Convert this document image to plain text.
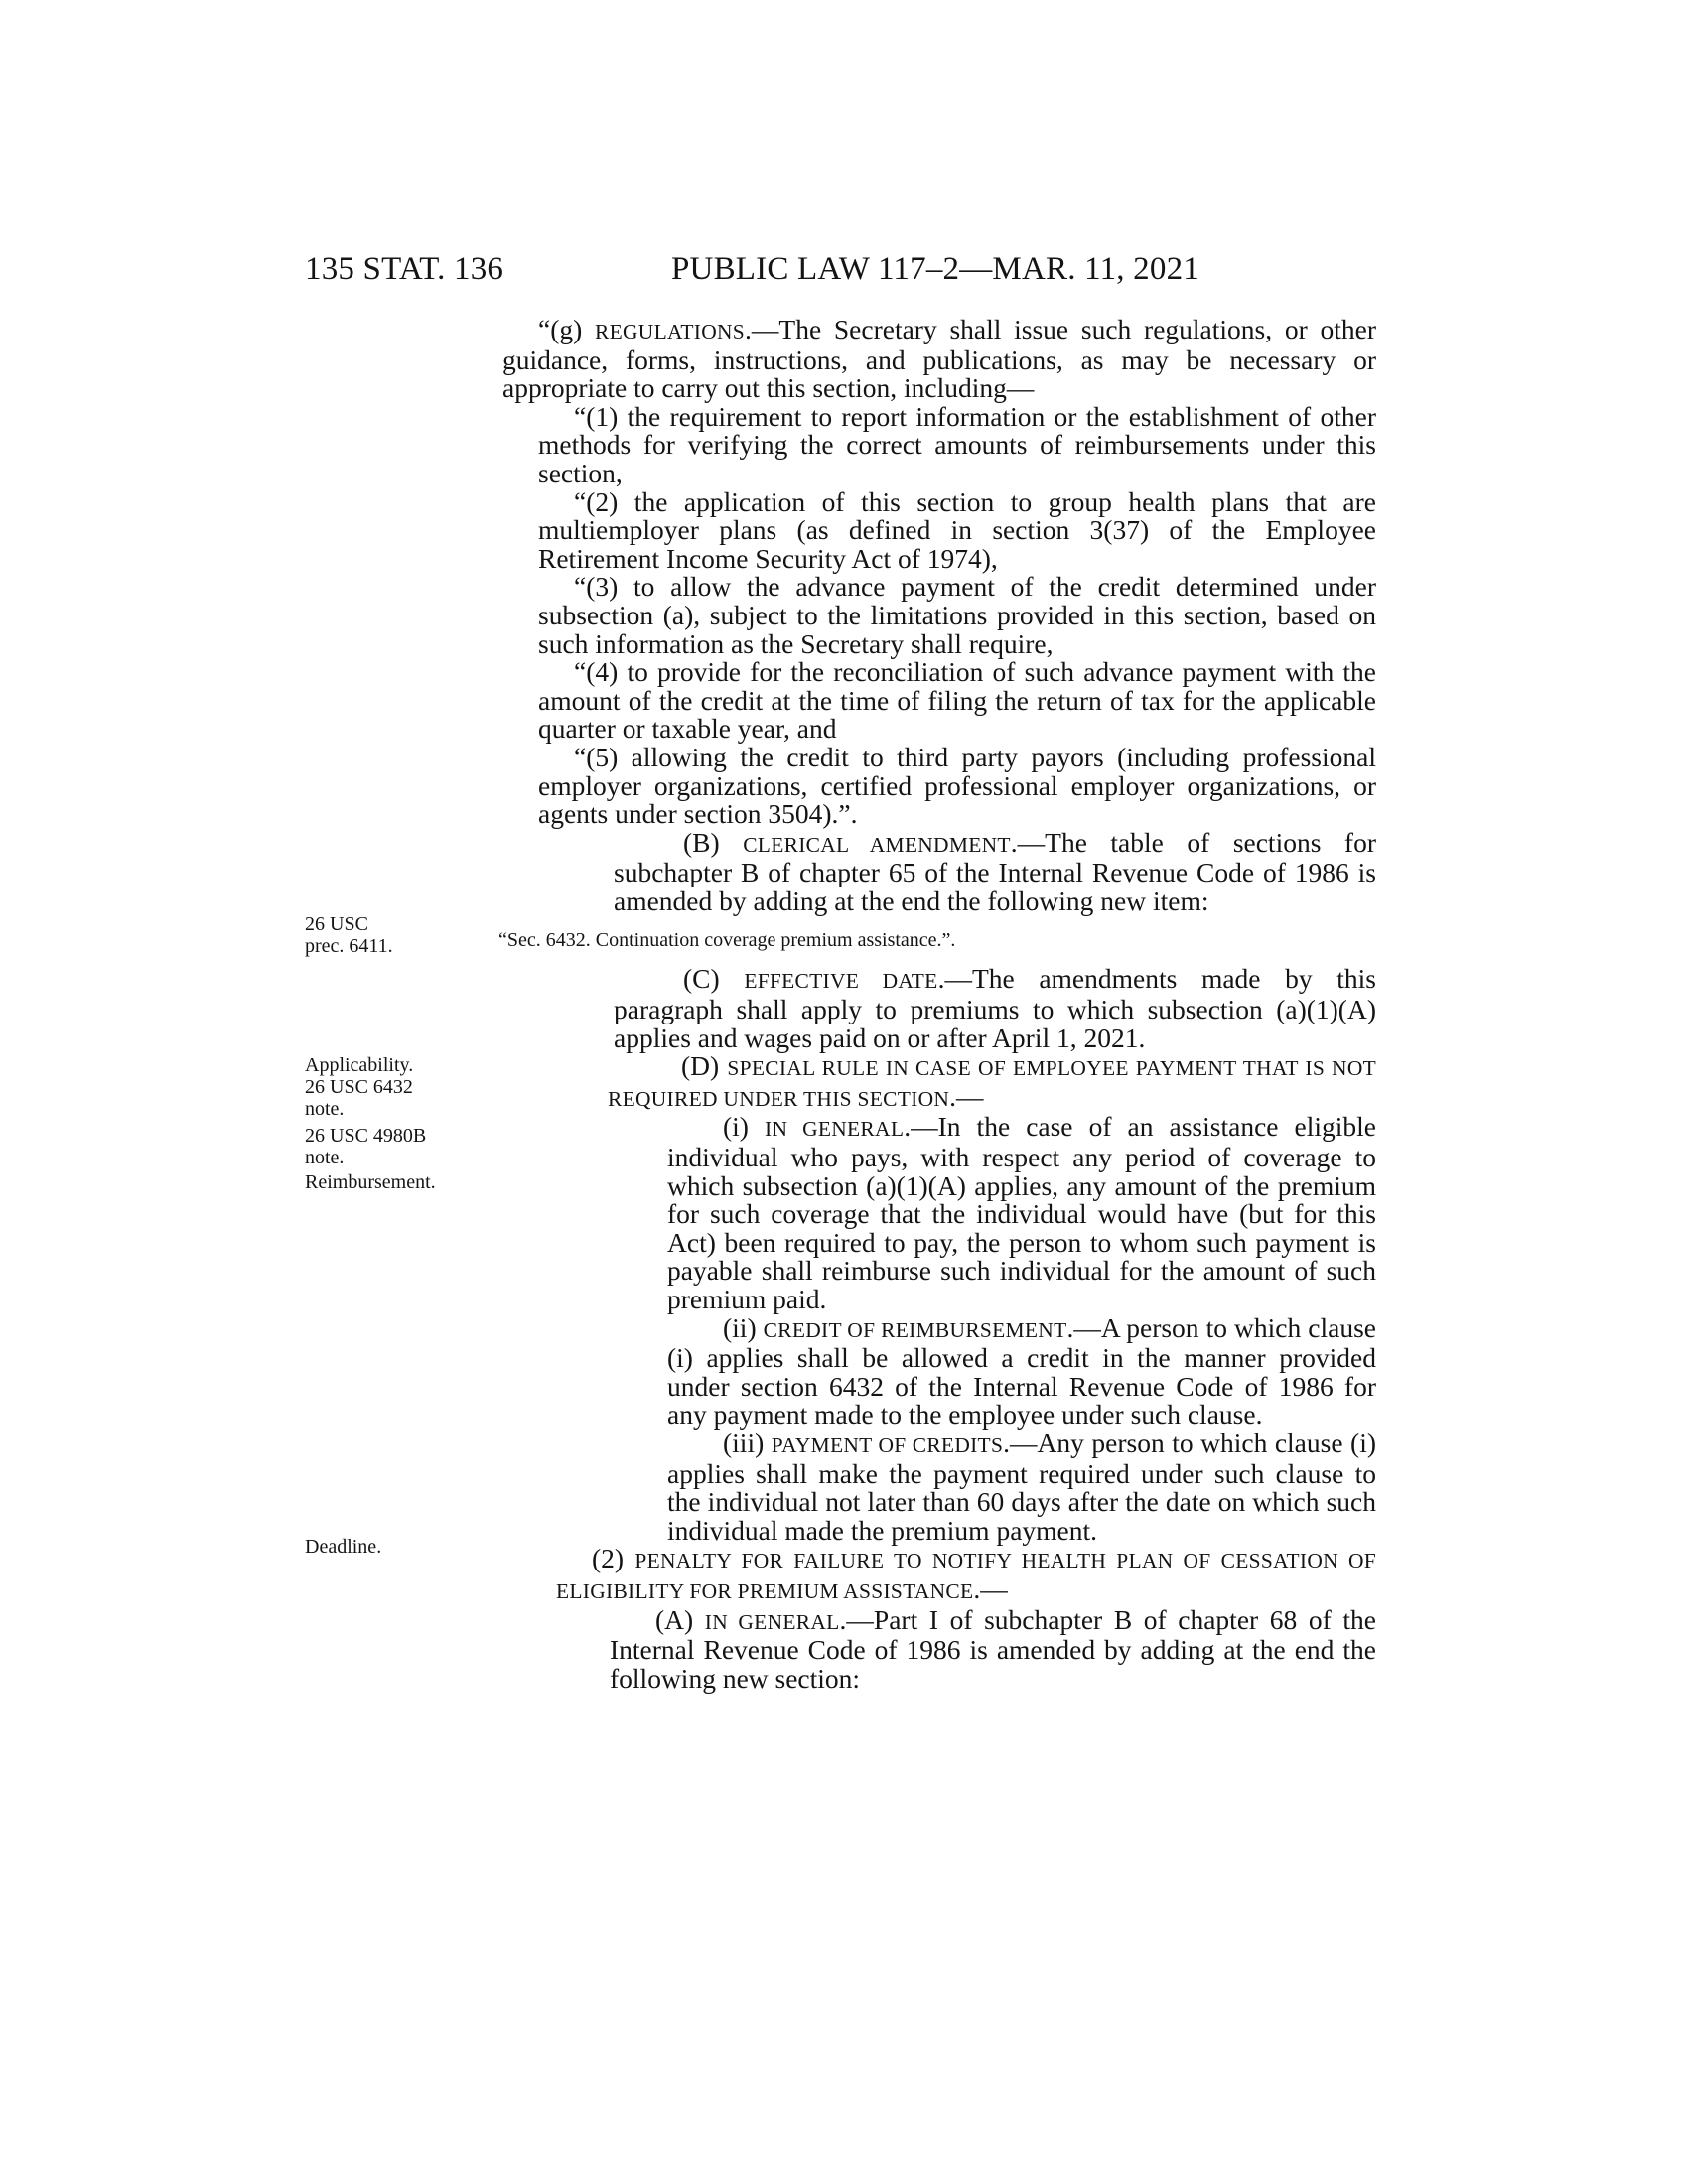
135 STAT. 136	PUBLIC LAW 117–2—MAR. 11, 2021
26 USC
prec. 6411.
Applicability.
26 USC 6432
note.
26 USC 4980B
note.
Reimbursement.
Deadline.

“(g) REGULATIONS.—The Secretary shall issue such regulations, or other guidance, forms, instructions, and publications, as may be necessary or appropriate to carry out this section, including—

“(1) the requirement to report information or the establishment of other methods for verifying the correct amounts of reimbursements under this section,

“(2) the application of this section to group health plans that are multiemployer plans (as defined in section 3(37) of the Employee Retirement Income Security Act of 1974),

“(3) to allow the advance payment of the credit determined under subsection (a), subject to the limitations provided in this section, based on such information as the Secretary shall require,

“(4) to provide for the reconciliation of such advance payment with the amount of the credit at the time of filing the return of tax for the applicable quarter or taxable year, and

“(5) allowing the credit to third party payors (including professional employer organizations, certified professional employer organizations, or agents under section 3504).”.

(B) CLERICAL AMENDMENT.—The table of sections for subchapter B of chapter 65 of the Internal Revenue Code of 1986 is amended by adding at the end the following new item:

“Sec. 6432. Continuation coverage premium assistance.”.

(C) EFFECTIVE DATE.—The amendments made by this paragraph shall apply to premiums to which subsection (a)(1)(A) applies and wages paid on or after April 1, 2021.

(D) SPECIAL RULE IN CASE OF EMPLOYEE PAYMENT THAT IS NOT REQUIRED UNDER THIS SECTION.—

(i) IN GENERAL.—In the case of an assistance eligible individual who pays, with respect any period of coverage to which subsection (a)(1)(A) applies, any amount of the premium for such coverage that the individual would have (but for this Act) been required to pay, the person to whom such payment is payable shall reimburse such individual for the amount of such premium paid.

(ii) CREDIT OF REIMBURSEMENT.—A person to which clause (i) applies shall be allowed a credit in the manner provided under section 6432 of the Internal Revenue Code of 1986 for any payment made to the employee under such clause.

(iii) PAYMENT OF CREDITS.—Any person to which clause (i) applies shall make the payment required under such clause to the individual not later than 60 days after the date on which such individual made the premium payment.

(2) PENALTY FOR FAILURE TO NOTIFY HEALTH PLAN OF CESSATION OF ELIGIBILITY FOR PREMIUM ASSISTANCE.—

(A) IN GENERAL.—Part I of subchapter B of chapter 68 of the Internal Revenue Code of 1986 is amended by adding at the end the following new section:
